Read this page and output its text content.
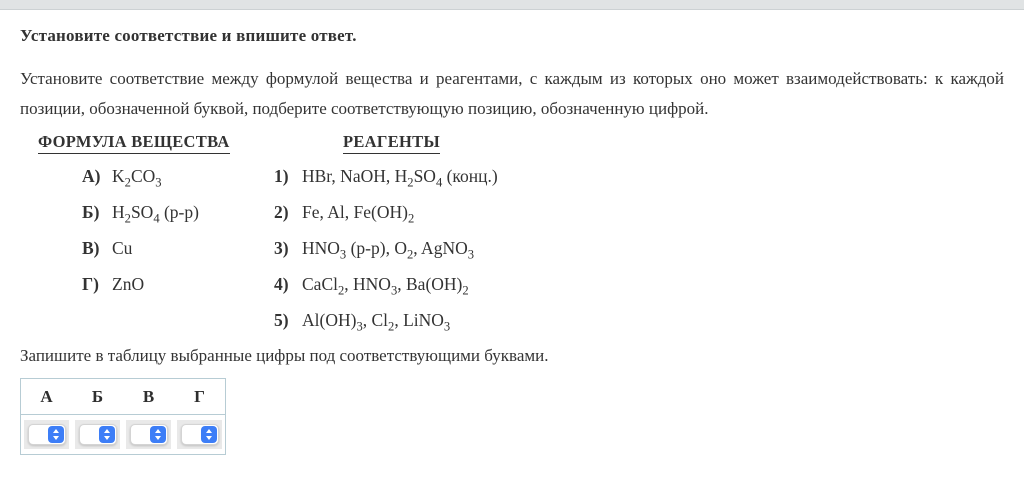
Установите соответствие и впишите ответ.

Установите соответствие между формулой вещества и реагентами, с каждым из которых оно может взаимодействовать: к каждой позиции, обозначенной буквой, подберите соответствующую позицию, обозначенную цифрой.

ФОРМУЛА ВЕЩЕСТВА	РЕАГЕНТЫ
А) $K_2CO_3$
Б) $H_2SO_4$ (р-р)
В) Cu
Г) ZnO
1) HBr, NaOH, $H_2SO_4$ (конц.)
2) Fe, Al, $Fe(OH)_2$
3) $HNO_3$ (р-р), $O_2$, AgNO$_3$
4) CaCl$_2$, $HNO_3$, $Ba(OH)_2$
5) $Al(OH)_3$, $Cl_2$, LiNO$_3$

Запишите в таблицу выбранные цифры под соответствующими буквами.

А	Б	В	Г
